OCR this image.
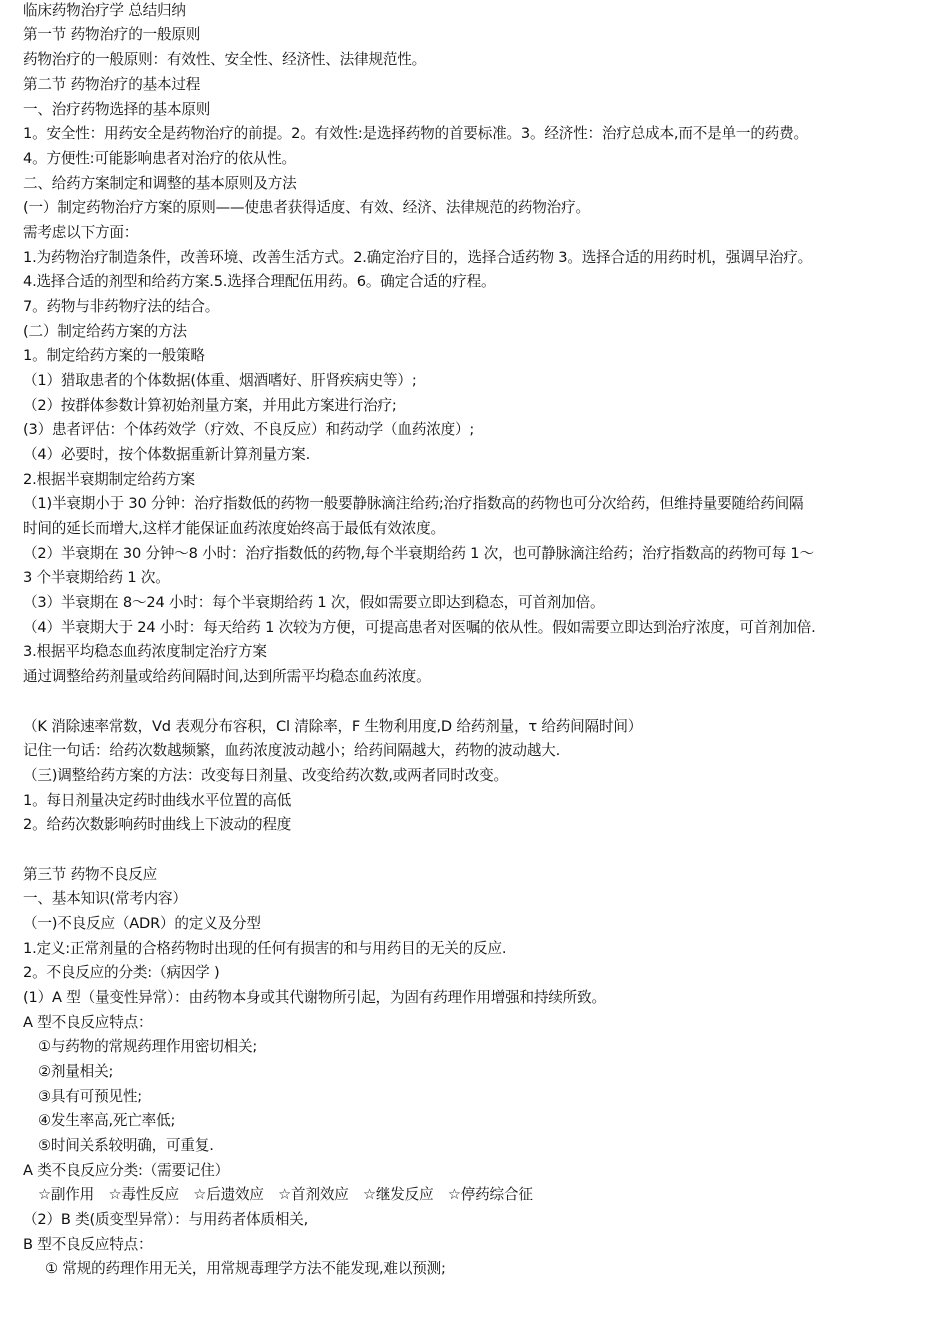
临床药物治疗学 总结归纳
第一节 药物治疗的一般原则
药物治疗的一般原则：有效性、安全性、经济性、法律规范性。
第二节 药物治疗的基本过程
一、治疗药物选择的基本原则
1。安全性：用药安全是药物治疗的前提。2。有效性:是选择药物的首要标准。3。经济性：治疗总成本,而不是单一的药费。
4。方便性:可能影响患者对治疗的依从性。
二、给药方案制定和调整的基本原则及方法
(一）制定药物治疗方案的原则——使患者获得适度、有效、经济、法律规范的药物治疗。
需考虑以下方面：
1.为药物治疗制造条件，改善环境、改善生活方式。2.确定治疗目的，选择合适药物 3。选择合适的用药时机，强调早治疗。
4.选择合适的剂型和给药方案.5.选择合理配伍用药。6。确定合适的疗程。
7。药物与非药物疗法的结合。
(二）制定给药方案的方法
1。制定给药方案的一般策略
（1）猎取患者的个体数据(体重、烟酒嗜好、肝肾疾病史等）;
（2）按群体参数计算初始剂量方案，并用此方案进行治疗;
(3）患者评估：个体药效学（疗效、不良反应）和药动学（血药浓度）;
（4）必要时，按个体数据重新计算剂量方案.
2.根据半衰期制定给药方案
（1)半衰期小于 30 分钟：治疗指数低的药物一般要静脉滴注给药;治疗指数高的药物也可分次给药，但维持量要随给药间隔
时间的延长而增大,这样才能保证血药浓度始终高于最低有效浓度。
（2）半衰期在 30 分钟～8 小时：治疗指数低的药物,每个半衰期给药 1 次，也可静脉滴注给药；治疗指数高的药物可每 1～
3 个半衰期给药 1 次。
（3）半衰期在 8～24 小时：每个半衰期给药 1 次，假如需要立即达到稳态，可首剂加倍。
（4）半衰期大于 24 小时：每天给药 1 次较为方便，可提高患者对医嘱的依从性。假如需要立即达到治疗浓度，可首剂加倍.
3.根据平均稳态血药浓度制定治疗方案
通过调整给药剂量或给药间隔时间,达到所需平均稳态血药浓度。
（K 消除速率常数，Vd 表观分布容积，Cl 清除率，F 生物利用度,D 给药剂量，τ 给药间隔时间）
记住一句话：给药次数越频繁，血药浓度波动越小；给药间隔越大，药物的波动越大.
（三)调整给药方案的方法：改变每日剂量、改变给药次数,或两者同时改变。
1。每日剂量决定药时曲线水平位置的高低
2。给药次数影响药时曲线上下波动的程度
第三节 药物不良反应
一、基本知识(常考内容）
（一)不良反应（ADR）的定义及分型
1.定义:正常剂量的合格药物时出现的任何有损害的和与用药目的无关的反应.
2。不良反应的分类:（病因学 )
(1）A 型（量变性异常）：由药物本身或其代谢物所引起，为固有药理作用增强和持续所致。
A 型不良反应特点：
①与药物的常规药理作用密切相关;
②剂量相关;
③具有可预见性;
④发生率高,死亡率低;
⑤时间关系较明确，可重复.
A 类不良反应分类:（需要记住）
☆副作用　☆毒性反应　☆后遗效应　☆首剂效应　☆继发反应　☆停药综合征
（2）B 类(质变型异常）：与用药者体质相关,
B 型不良反应特点：
① 常规的药理作用无关，用常规毒理学方法不能发现,难以预测;
